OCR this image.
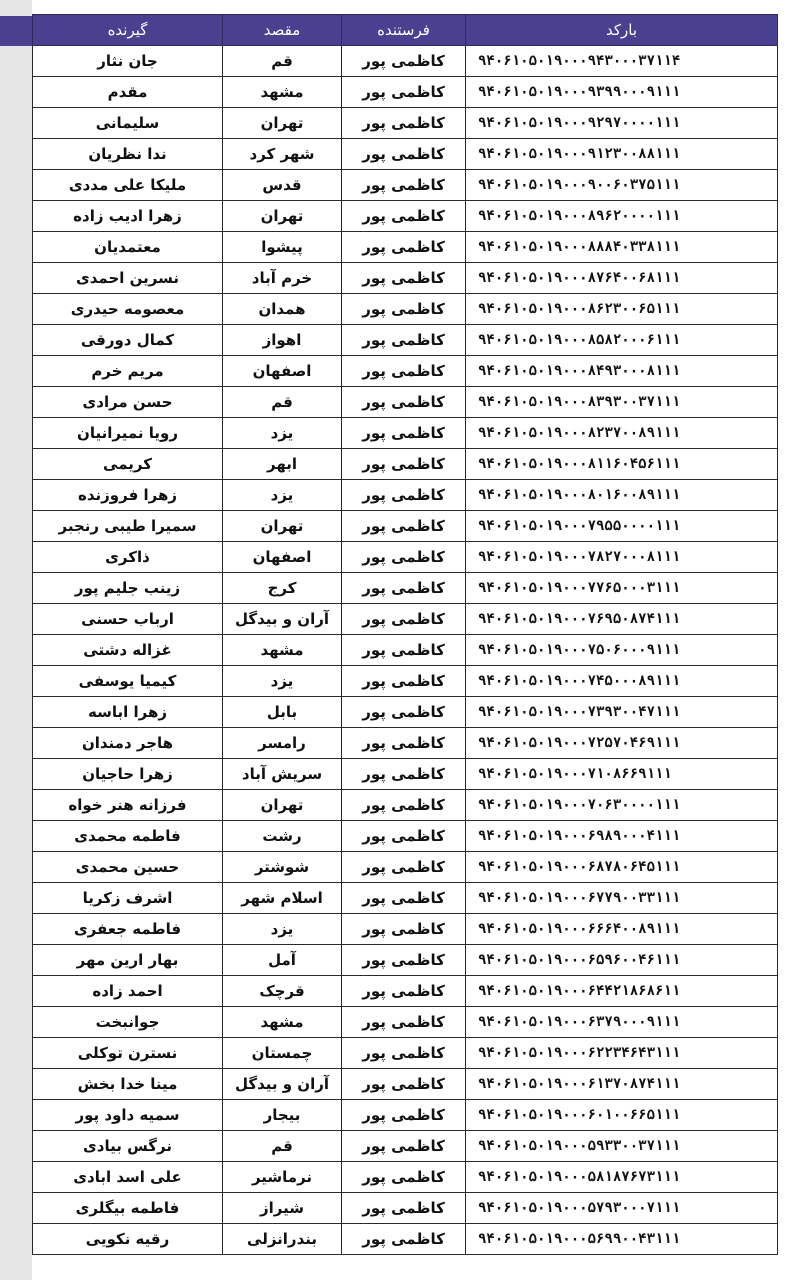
بارکد	فرستنده	مقصد	گیرنده
۹۴۰۶۱۰۵۰۱۹۰۰۰۹۴۳۰۰۰۳۷۱۱۴	کاظمی پور	قم	جان نثار
۹۴۰۶۱۰۵۰۱۹۰۰۰۹۳۹۹۰۰۰۹۱۱۱	کاظمی پور	مشهد	مقدم
۹۴۰۶۱۰۵۰۱۹۰۰۰۹۲۹۷۰۰۰۰۱۱۱	کاظمی پور	تهران	سلیمانی
۹۴۰۶۱۰۵۰۱۹۰۰۰۹۱۲۳۰۰۸۸۱۱۱	کاظمی پور	شهر کرد	ندا نظریان
۹۴۰۶۱۰۵۰۱۹۰۰۰۹۰۰۶۰۳۷۵۱۱۱	کاظمی پور	قدس	ملیکا علی مددی
۹۴۰۶۱۰۵۰۱۹۰۰۰۸۹۶۲۰۰۰۰۱۱۱	کاظمی پور	تهران	زهرا ادیب زاده
۹۴۰۶۱۰۵۰۱۹۰۰۰۸۸۸۴۰۳۳۸۱۱۱	کاظمی پور	پیشوا	معتمدیان
۹۴۰۶۱۰۵۰۱۹۰۰۰۸۷۶۴۰۰۶۸۱۱۱	کاظمی پور	خرم آباد	نسرین احمدی
۹۴۰۶۱۰۵۰۱۹۰۰۰۸۶۲۳۰۰۶۵۱۱۱	کاظمی پور	همدان	معصومه حیدری
۹۴۰۶۱۰۵۰۱۹۰۰۰۸۵۸۲۰۰۰۶۱۱۱	کاظمی پور	اهواز	کمال دورقی
۹۴۰۶۱۰۵۰۱۹۰۰۰۸۴۹۳۰۰۰۸۱۱۱	کاظمی پور	اصفهان	مریم خرم
۹۴۰۶۱۰۵۰۱۹۰۰۰۸۳۹۳۰۰۳۷۱۱۱	کاظمی پور	قم	حسن مرادی
۹۴۰۶۱۰۵۰۱۹۰۰۰۸۲۳۷۰۰۸۹۱۱۱	کاظمی پور	یزد	رویا نمیرانیان
۹۴۰۶۱۰۵۰۱۹۰۰۰۸۱۱۶۰۴۵۶۱۱۱	کاظمی پور	ابهر	کریمی
۹۴۰۶۱۰۵۰۱۹۰۰۰۸۰۱۶۰۰۸۹۱۱۱	کاظمی پور	یزد	زهرا فروزنده
۹۴۰۶۱۰۵۰۱۹۰۰۰۷۹۵۵۰۰۰۰۱۱۱	کاظمی پور	تهران	سمیرا طیبی رنجبر
۹۴۰۶۱۰۵۰۱۹۰۰۰۷۸۲۷۰۰۰۸۱۱۱	کاظمی پور	اصفهان	ذاکری
۹۴۰۶۱۰۵۰۱۹۰۰۰۷۷۶۵۰۰۰۳۱۱۱	کاظمی پور	کرج	زینب جلیم پور
۹۴۰۶۱۰۵۰۱۹۰۰۰۷۶۹۵۰۸۷۴۱۱۱	کاظمی پور	آران و بیدگل	ارباب حسنی
۹۴۰۶۱۰۵۰۱۹۰۰۰۷۵۰۶۰۰۰۹۱۱۱	کاظمی پور	مشهد	غزاله دشتی
۹۴۰۶۱۰۵۰۱۹۰۰۰۷۴۵۰۰۰۸۹۱۱۱	کاظمی پور	یزد	کیمیا یوسفی
۹۴۰۶۱۰۵۰۱۹۰۰۰۷۳۹۳۰۰۴۷۱۱۱	کاظمی پور	بابل	زهرا اباسه
۹۴۰۶۱۰۵۰۱۹۰۰۰۷۲۵۷۰۴۶۹۱۱۱	کاظمی پور	رامسر	هاجر دمندان
۹۴۰۶۱۰۵۰۱۹۰۰۰۷۱۰۸۶۶۹۱۱۱	کاظمی پور	سریش آباد	زهرا حاجیان
۹۴۰۶۱۰۵۰۱۹۰۰۰۷۰۶۳۰۰۰۰۱۱۱	کاظمی پور	تهران	فرزانه هنر خواه
۹۴۰۶۱۰۵۰۱۹۰۰۰۶۹۸۹۰۰۰۴۱۱۱	کاظمی پور	رشت	فاطمه محمدی
۹۴۰۶۱۰۵۰۱۹۰۰۰۶۸۷۸۰۶۴۵۱۱۱	کاظمی پور	شوشتر	حسین محمدی
۹۴۰۶۱۰۵۰۱۹۰۰۰۶۷۷۹۰۰۳۳۱۱۱	کاظمی پور	اسلام شهر	اشرف زکریا
۹۴۰۶۱۰۵۰۱۹۰۰۰۶۶۶۴۰۰۸۹۱۱۱	کاظمی پور	یزد	فاطمه جعفری
۹۴۰۶۱۰۵۰۱۹۰۰۰۶۵۹۶۰۰۴۶۱۱۱	کاظمی پور	آمل	بهار ارین مهر
۹۴۰۶۱۰۵۰۱۹۰۰۰۶۴۴۲۱۸۶۸۶۱۱	کاظمی پور	قرچک	احمد زاده
۹۴۰۶۱۰۵۰۱۹۰۰۰۶۳۷۹۰۰۰۹۱۱۱	کاظمی پور	مشهد	جوانبخت
۹۴۰۶۱۰۵۰۱۹۰۰۰۶۲۲۳۴۶۴۳۱۱۱	کاظمی پور	چمستان	نسترن توکلی
۹۴۰۶۱۰۵۰۱۹۰۰۰۶۱۳۷۰۸۷۴۱۱۱	کاظمی پور	آران و بیدگل	مینا خدا بخش
۹۴۰۶۱۰۵۰۱۹۰۰۰۶۰۱۰۰۶۶۵۱۱۱	کاظمی پور	بیجار	سمیه داود پور
۹۴۰۶۱۰۵۰۱۹۰۰۰۵۹۳۳۰۰۳۷۱۱۱	کاظمی پور	قم	نرگس بیادی
۹۴۰۶۱۰۵۰۱۹۰۰۰۵۸۱۸۷۶۷۳۱۱۱	کاظمی پور	نرماشیر	علی اسد ابادی
۹۴۰۶۱۰۵۰۱۹۰۰۰۵۷۹۳۰۰۰۷۱۱۱	کاظمی پور	شیراز	فاطمه بیگلری
۹۴۰۶۱۰۵۰۱۹۰۰۰۵۶۹۹۰۰۴۳۱۱۱	کاظمی پور	بندرانزلی	رقیه نکویی
